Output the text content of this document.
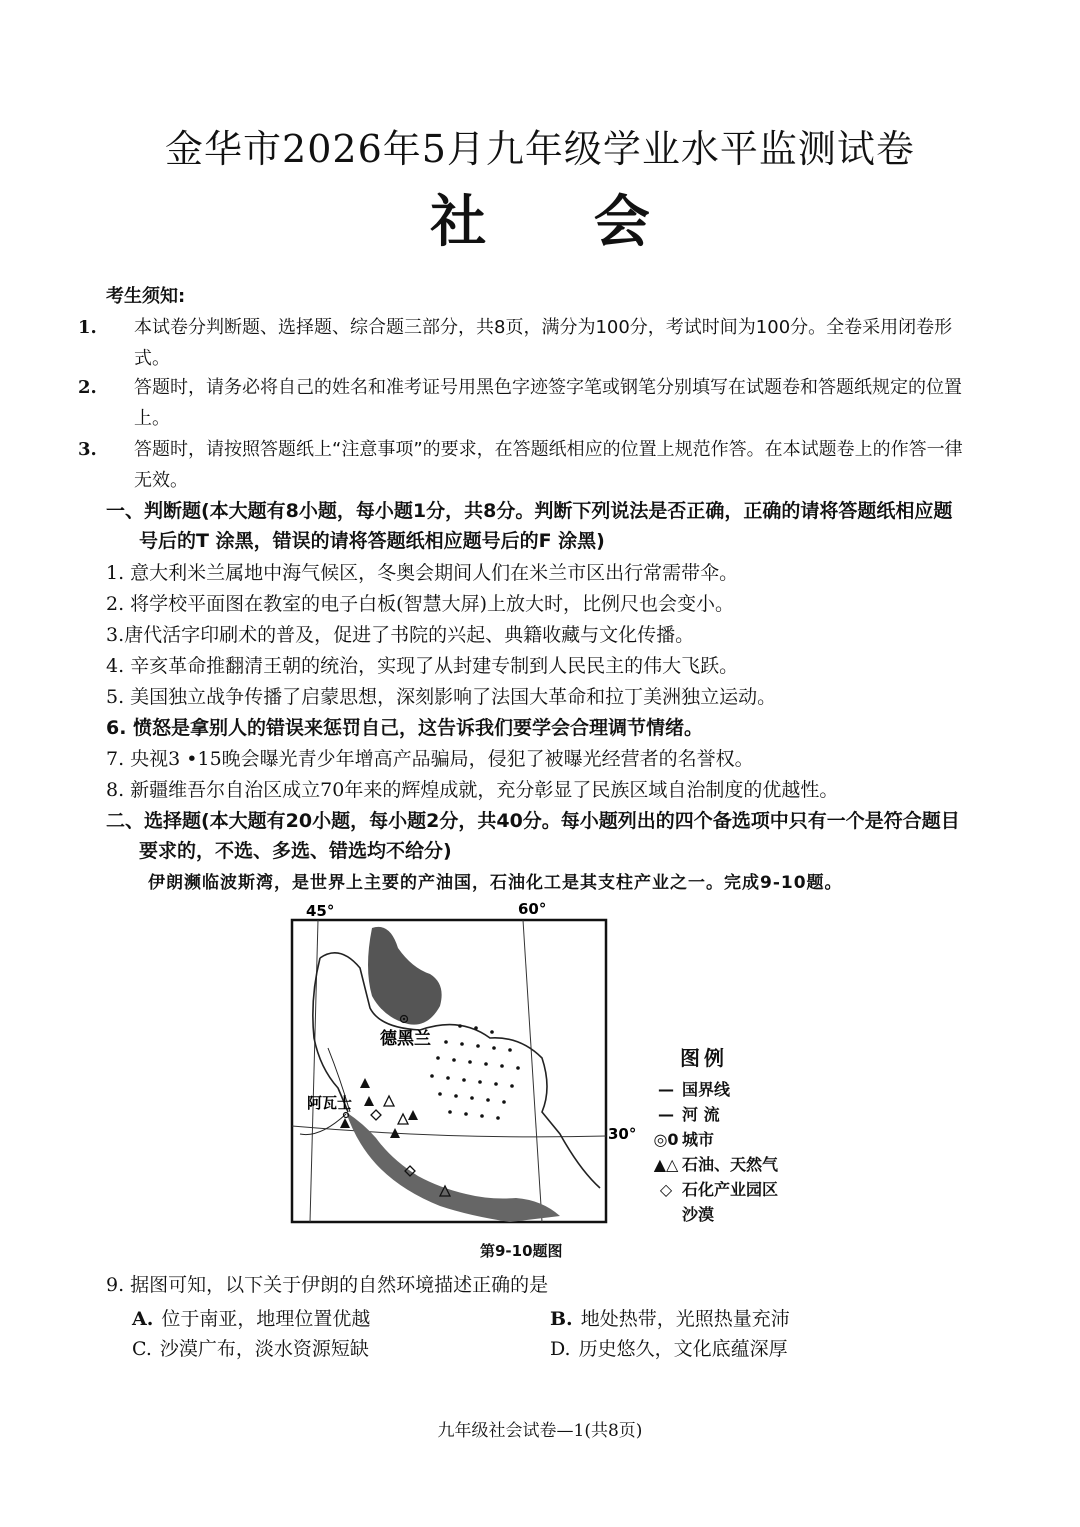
金华市2026年5月九年级学业水平监测试卷
社 会
考生须知:
1. 本试卷分判断题、选择题、综合题三部分，共8页，满分为100分，考试时间为100分。全卷采用闭卷形式。
2. 答题时，请务必将自己的姓名和准考证号用黑色字迹签字笔或钢笔分别填写在试题卷和答题纸规定的位置上。
3. 答题时，请按照答题纸上“注意事项”的要求，在答题纸相应的位置上规范作答。在本试题卷上的作答一律无效。
一、判断题(本大题有8小题，每小题1分，共8分。判断下列说法是否正确，正确的请将答题纸相应题号后的T 涂黑，错误的请将答题纸相应题号后的F 涂黑)
1. 意大利米兰属地中海气候区，冬奥会期间人们在米兰市区出行常需带伞。
2. 将学校平面图在教室的电子白板(智慧大屏)上放大时，比例尺也会变小。
3.唐代活字印刷术的普及，促进了书院的兴起、典籍收藏与文化传播。
4. 辛亥革命推翻清王朝的统治，实现了从封建专制到人民民主的伟大飞跃。
5. 美国独立战争传播了启蒙思想，深刻影响了法国大革命和拉丁美洲独立运动。
6. 愤怒是拿别人的错误来惩罚自己，这告诉我们要学会合理调节情绪。
7. 央视3 •15晚会曝光青少年增高产品骗局，侵犯了被曝光经营者的名誉权。
8. 新疆维吾尔自治区成立70年来的辉煌成就，充分彰显了民族区域自治制度的优越性。
二、选择题(本大题有20小题，每小题2分，共40分。每小题列出的四个备选项中只有一个是符合题目要求的，不选、多选、错选均不给分)
伊朗濒临波斯湾，是世界上主要的产油国，石油化工是其支柱产业之一。完成9-10题。
45°	60°
德黑兰
阿瓦士
30°
图例
— 国界线
— 河 流
◎0 城市
▲△ 石油、天然气
◇ 石化产业园区
沙漠
第9-10题图
9. 据图可知，以下关于伊朗的自然环境描述正确的是
A. 位于南亚，地理位置优越	B. 地处热带，光照热量充沛
C. 沙漠广布，淡水资源短缺	D. 历史悠久，文化底蕴深厚
九年级社会试卷—1(共8页)
